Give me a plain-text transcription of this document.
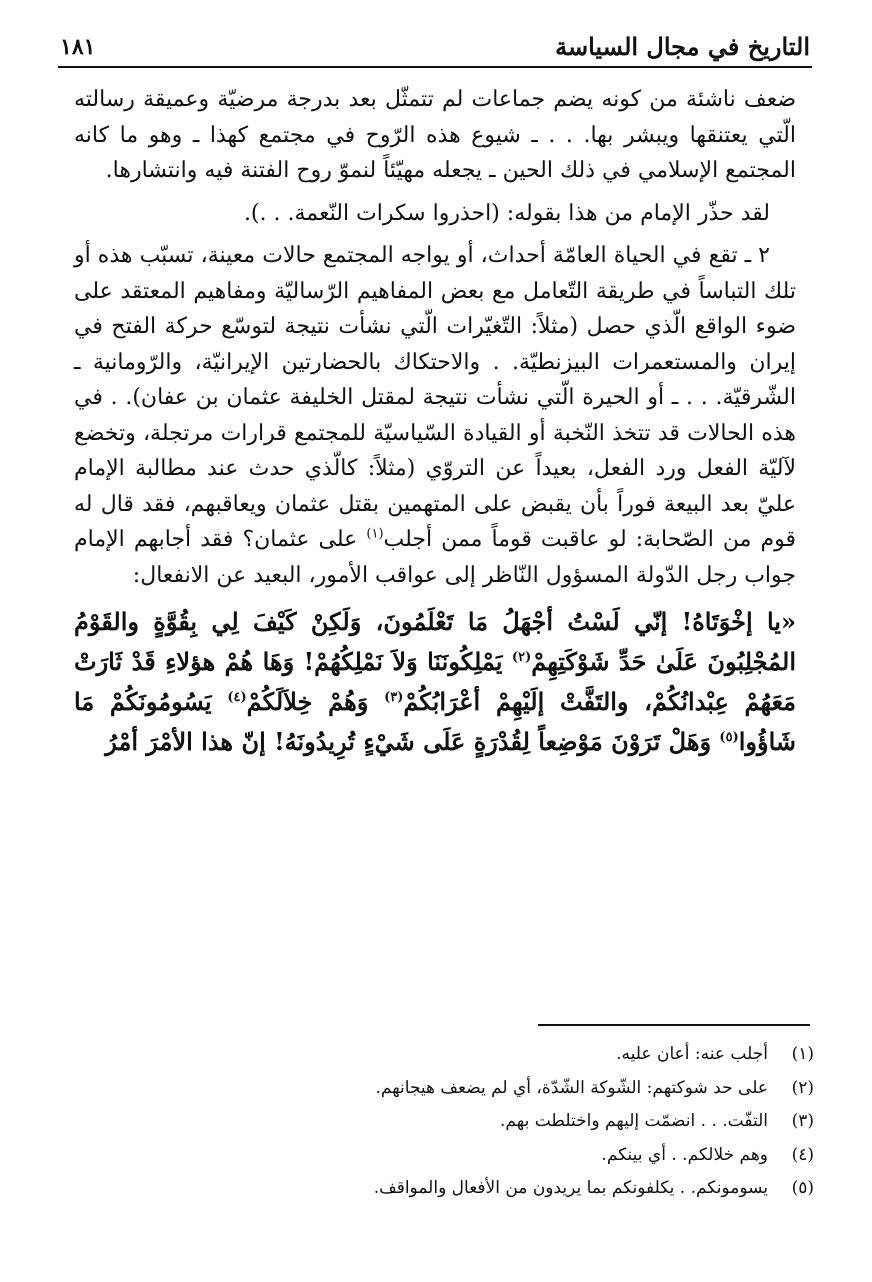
التاريخ في مجال السياسة
١٨١

ضعف ناشئة من كونه يضم جماعات لم تتمثّل بعد بدرجة مرضيّة وعميقة رسالته الّتي يعتنقها ويبشر بها. . . ـ شيوع هذه الرّوح في مجتمع كهذا ـ وهو ما كانه المجتمع الإسلامي في ذلك الحين ـ يجعله مهيّئاً لنموّ روح الفتنة فيه وانتشارها.

لقد حذّر الإمام من هذا بقوله: (احذروا سكرات النّعمة. . .).

٢ ـ تقع في الحياة العامّة أحداث، أو يواجه المجتمع حالات معينة، تسبّب هذه أو تلك التباساً في طريقة التّعامل مع بعض المفاهيم الرّساليّة ومفاهيم المعتقد على ضوء الواقع الّذي حصل (مثلاً: التّغيّرات الّتي نشأت نتيجة لتوسّع حركة الفتح في إيران والمستعمرات البيزنطيّة. . والاحتكاك بالحضارتين الإيرانيّة، والرّومانية ـ الشّرقيّة. . . ـ أو الحيرة الّتي نشأت نتيجة لمقتل الخليفة عثمان بن عفان). . في هذه الحالات قد تتخذ النّخبة أو القيادة السّياسيّة للمجتمع قرارات مرتجلة، وتخضع لآليّة الفعل ورد الفعل، بعيداً عن التروّي (مثلاً: كالّذي حدث عند مطالبة الإمام عليّ بعد البيعة فوراً بأن يقبض على المتهمين بقتل عثمان ويعاقبهم، فقد قال له قوم من الصّحابة: لو عاقبت قوماً ممن أجلب$^{(١)}$ على عثمان؟ فقد أجابهم الإمام جواب رجل الدّولة المسؤول النّاظر إلى عواقب الأمور، البعيد عن الانفعال:

«يا إخْوَتَاهُ! إنّي لَسْتُ أجْهَلُ مَا تَعْلَمُونَ، وَلَكِنْ كَيْفَ لِي بِقُوَّةٍ والقَوْمُ المُجْلِبُونَ عَلَىٰ حَدِّ شَوْكَتِهِمْ$^{(٢)}$ يَمْلِكُونَنَا وَلاَ نَمْلِكُهُمْ! وَهَا هُمْ هؤلاءِ قَدْ ثَارَتْ مَعَهُمْ عِبْدانُكُمْ، والتَفَّتْ إلَيْهِمْ أعْرَابُكُمْ$^{(٣)}$ وَهُمْ خِلاَلَكُمْ$^{(٤)}$ يَسُومُونَكُمْ مَا شَاؤُوا$^{(٥)}$ وَهَلْ تَرَوْنَ مَوْضِعاً لِقُدْرَةٍ عَلَى شَيْءٍ تُرِيدُونَهُ! إنّ هذا الأمْرَ أمْرُ

(١)
أجلب عنه: أعان عليه.
(٢)
على حد شوكتهم: الشّوكة الشّدّة، أي لم يضعف هيجانهم.
(٣)
التفّت. . . انضمّت إليهم واختلطت بهم.
(٤)
وهم خلالكم. . أي بينكم.
(٥)
يسومونكم. . يكلفونكم بما يريدون من الأفعال والمواقف.
